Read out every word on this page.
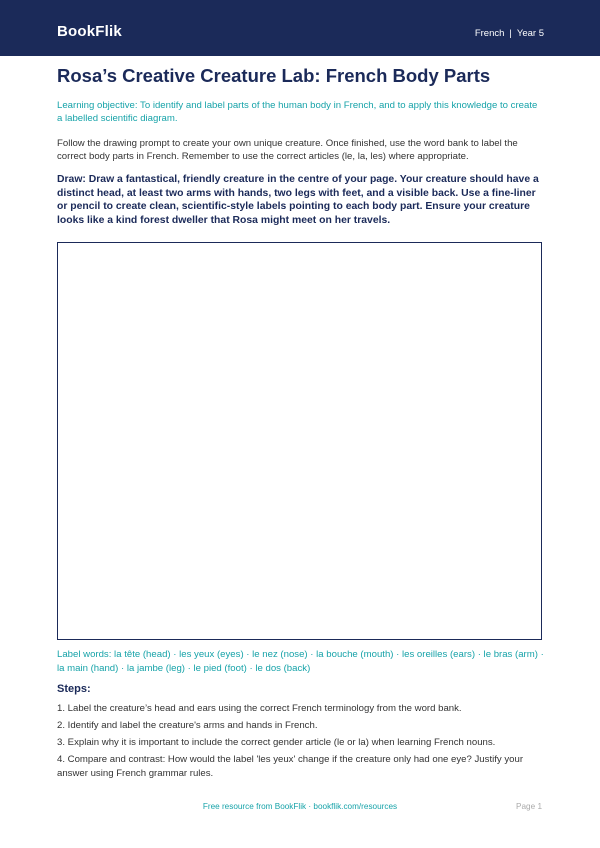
BookFlik	French | Year 5
Rosa’s Creative Creature Lab: French Body Parts

Learning objective: To identify and label parts of the human body in French, and to apply this knowledge to create a labelled scientific diagram.

Follow the drawing prompt to create your own unique creature. Once finished, use the word bank to label the correct body parts in French. Remember to use the correct articles (le, la, les) where appropriate.

Draw: Draw a fantastical, friendly creature in the centre of your page. Your creature should have a distinct head, at least two arms with hands, two legs with feet, and a visible back. Use a fine-liner or pencil to create clean, scientific-style labels pointing to each body part. Ensure your creature looks like a kind forest dweller that Rosa might meet on her travels.

Label words: la tête (head) · les yeux (eyes) · le nez (nose) · la bouche (mouth) · les oreilles (ears) · le bras (arm) · la main (hand) · la jambe (leg) · le pied (foot) · le dos (back)

Steps:
1. Label the creature’s head and ears using the correct French terminology from the word bank.
2. Identify and label the creature's arms and hands in French.
3. Explain why it is important to include the correct gender article (le or la) when learning French nouns.
4. Compare and contrast: How would the label 'les yeux' change if the creature only had one eye? Justify your answer using French grammar rules.
Free resource from BookFlik · bookflik.com/resources	Page 1
